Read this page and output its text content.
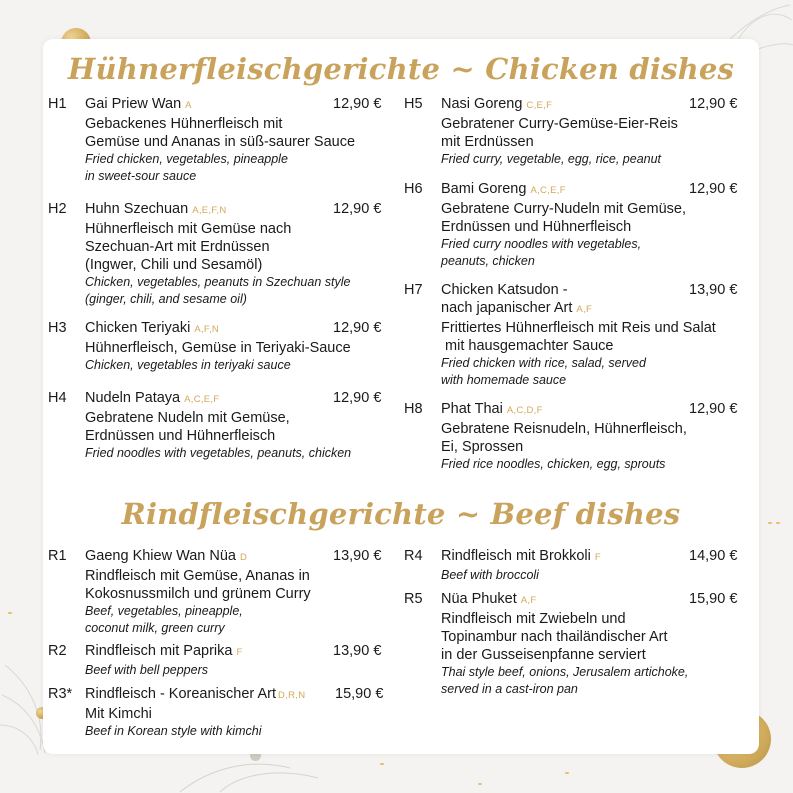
Hühnerfleischgerichte ~ Chicken dishes
H1 Gai Priew Wan A
Gebackenes Hühnerfleisch mit
Gemüse und Ananas in süß-saurer Sauce
Fried chicken, vegetables, pineapple
in sweet-sour sauce
12,90 €
H2 Huhn Szechuan A,E,F,N
Hühnerfleisch mit Gemüse nach
Szechuan-Art mit Erdnüssen
(Ingwer, Chili und Sesamöl)
Chicken, vegetables, peanuts in Szechuan style
(ginger, chili, and sesame oil)
12,90 €
H3 Chicken Teriyaki A,F,N
Hühnerfleisch, Gemüse in Teriyaki-Sauce
Chicken, vegetables in teriyaki sauce
12,90 €
H4 Nudeln Pataya A,C,E,F
Gebratene Nudeln mit Gemüse,
Erdnüssen und Hühnerfleisch
Fried noodles with vegetables, peanuts, chicken
12,90 €
H5 Nasi Goreng C,E,F
Gebratener Curry-Gemüse-Eier-Reis
mit Erdnüssen
Fried curry, vegetable, egg, rice, peanut
12,90 €
H6 Bami Goreng A,C,E,F
Gebratene Curry-Nudeln mit Gemüse,
Erdnüssen und Hühnerfleisch
Fried curry noodles with vegetables,
peanuts, chicken
12,90 €
H7 Chicken Katsudon -
nach japanischer Art A,F
Frittiertes Hühnerfleisch mit Reis und Salat
mit hausgemachter Sauce
Fried chicken with rice, salad, served
with homemade sauce
13,90 €
H8 Phat Thai A,C,D,F
Gebratene Reisnudeln, Hühnerfleisch,
Ei, Sprossen
Fried rice noodles, chicken, egg, sprouts
12,90 €
Rindfleischgerichte ~ Beef dishes
R1 Gaeng Khiew Wan Nüa D
Rindfleisch mit Gemüse, Ananas in
Kokosnussmilch und grünem Curry
Beef, vegetables, pineapple,
coconut milk, green curry
13,90 €
R2 Rindfleisch mit Paprika F
Beef with bell peppers
13,90 €
R3* Rindfleisch - Koreanischer Art D,R,N
Mit Kimchi
Beef in Korean style with kimchi
15,90 €
R4 Rindfleisch mit Brokkoli F
Beef with broccoli
14,90 €
R5 Nüa Phuket A,F
Rindfleisch mit Zwiebeln und
Topinambur nach thailändischer Art
in der Gusseisenpfanne serviert
Thai style beef, onions, Jerusalem artichoke,
served in a cast-iron pan
15,90 €
